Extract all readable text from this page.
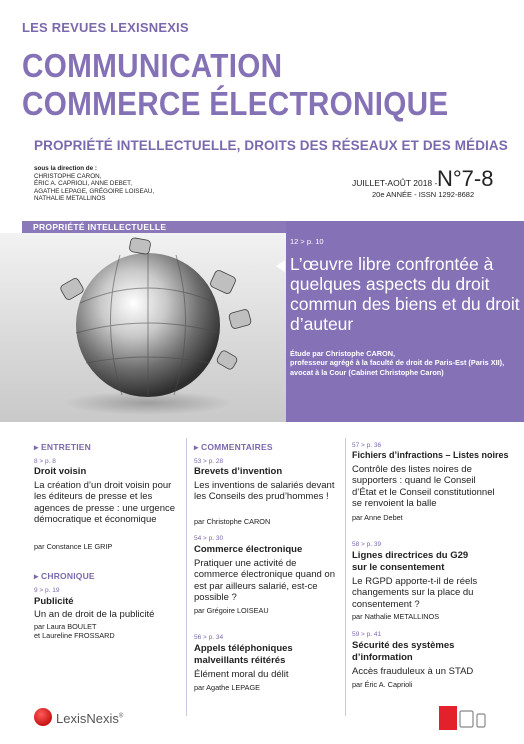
LES REVUES LEXISNEXIS
COMMUNICATION
COMMERCE ÉLECTRONIQUE
PROPRIÉTÉ INTELLECTUELLE, DROITS DES RÉSEAUX ET DES MÉDIAS
sous la direction de :
CHRISTOPHE CARON,
ÉRIC A. CAPRIOLI, ANNE DEBET,
AGATHE LEPAGE, GRÉGOIRE LOISEAU,
NATHALIE METALLINOS
JUILLET-AOÛT 2018 - N°7-8
20e ANNÉE - ISSN 1292-8682
PROPRIÉTÉ INTELLECTUELLE
12 > p. 10
L’œuvre libre confrontée à quelques aspects du droit commun des biens et du droit d’auteur
Étude par Christophe CARON,
professeur agrégé à la faculté de droit de Paris-Est (Paris XII),
avocat à la Cour (Cabinet Christophe Caron)
▸ ENTRETIEN
8 > p. 8
Droit voisin
La création d’un droit voisin pour les éditeurs de presse et les agences de presse : une urgence démocratique et économique
par Constance LE GRIP
▸ CHRONIQUE
9 > p. 19
Publicité
Un an de droit de la publicité
par Laura BOULET
et Laureline FROSSARD
▸ COMMENTAIRES
53 > p. 28
Brevets d’invention
Les inventions de salariés devant les Conseils des prud’hommes !
par Christophe CARON
54 > p. 30
Commerce électronique
Pratiquer une activité de commerce électronique quand on est par ailleurs salarié, est-ce possible ?
par Grégoire LOISEAU
56 > p. 34
Appels téléphoniques
malveillants réitérés
Élément moral du délit
par Agathe LEPAGE
57 > p. 36
Fichiers d’infractions – Listes noires
Contrôle des listes noires de supporters : quand le Conseil d’État et le Conseil constitutionnel se renvoient la balle
par Anne Debet
58 > p. 39
Lignes directrices du G29
sur le consentement
Le RGPD apporte-t-il de réels changements sur la place du consentement ?
par Nathalie METALLINOS
59 > p. 41
Sécurité des systèmes
d’information
Accès frauduleux à un STAD
par Éric A. Caprioli
LexisNexis®
